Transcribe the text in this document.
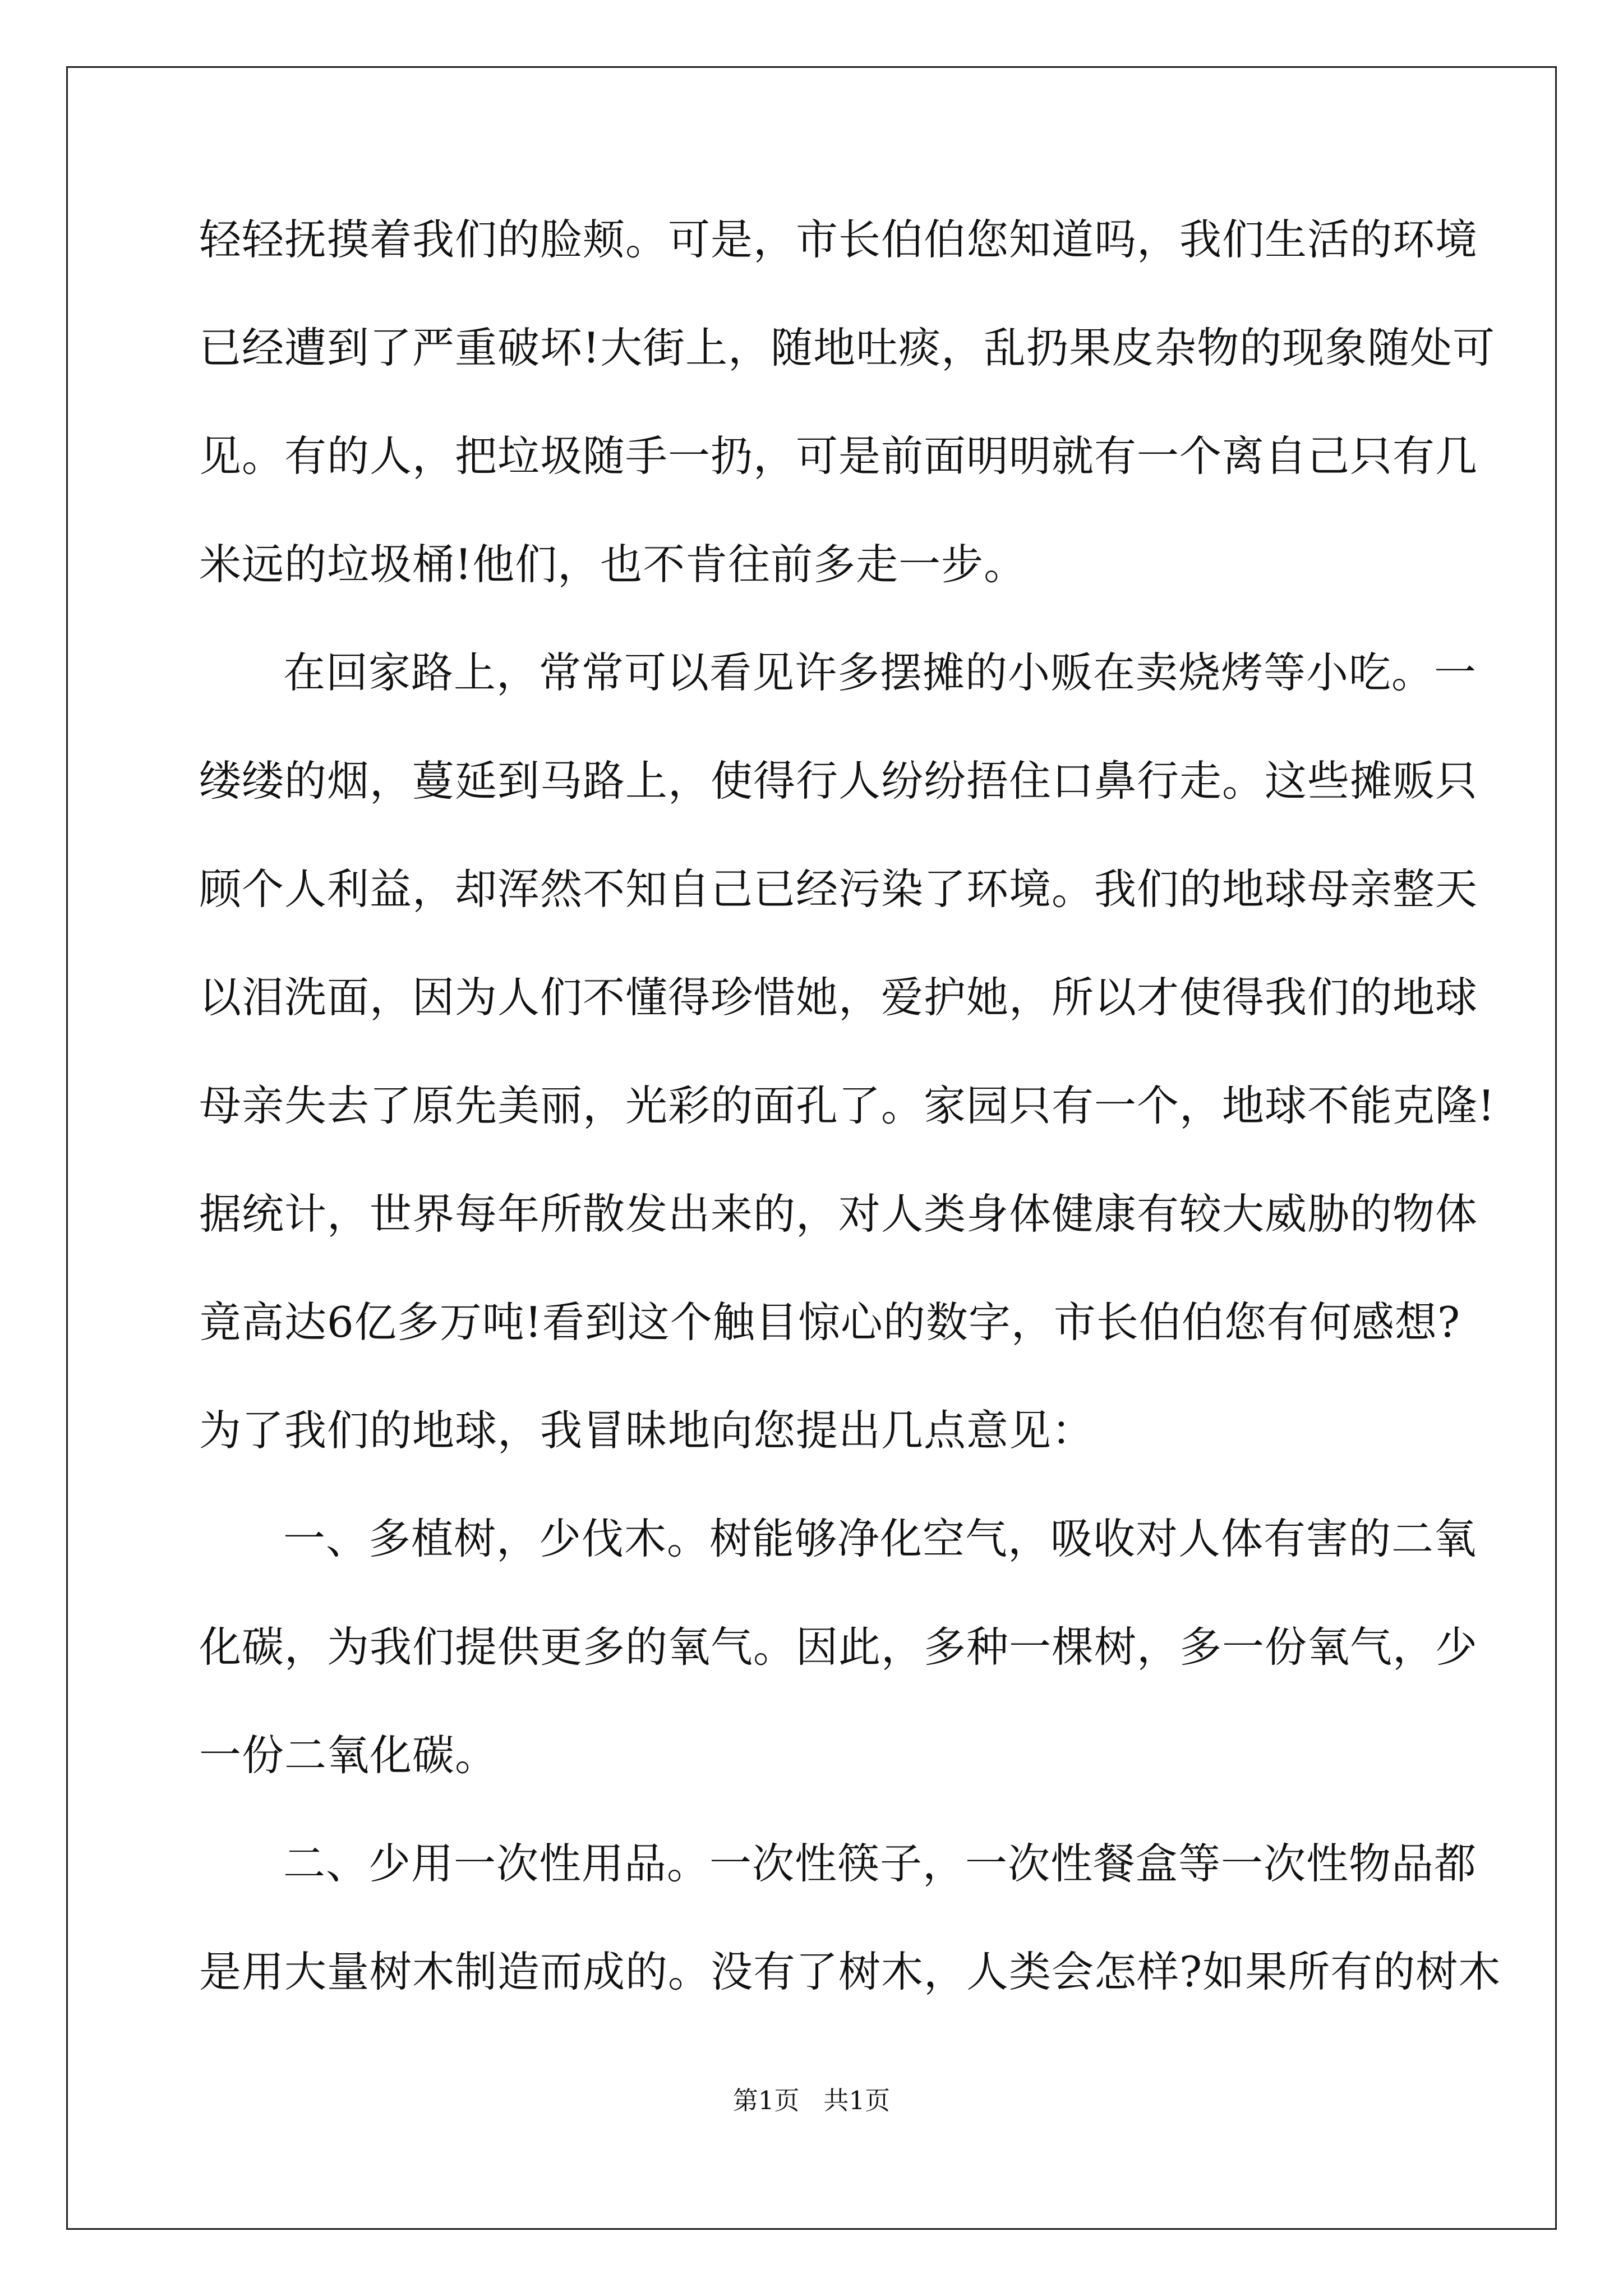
轻轻抚摸着我们的脸颊。可是，市长伯伯您知道吗，我们生活的环境
已经遭到了严重破坏!大街上，随地吐痰，乱扔果皮杂物的现象随处可
见。有的人，把垃圾随手一扔，可是前面明明就有一个离自己只有几
米远的垃圾桶!他们，也不肯往前多走一步。
在回家路上，常常可以看见许多摆摊的小贩在卖烧烤等小吃。一
缕缕的烟，蔓延到马路上，使得行人纷纷捂住口鼻行走。这些摊贩只
顾个人利益，却浑然不知自己已经污染了环境。我们的地球母亲整天
以泪洗面，因为人们不懂得珍惜她，爱护她，所以才使得我们的地球
母亲失去了原先美丽，光彩的面孔了。家园只有一个，地球不能克隆!
据统计，世界每年所散发出来的，对人类身体健康有较大威胁的物体
竟高达6亿多万吨!看到这个触目惊心的数字，市长伯伯您有何感想?
为了我们的地球，我冒昧地向您提出几点意见：
一、多植树，少伐木。树能够净化空气，吸收对人体有害的二氧
化碳，为我们提供更多的氧气。因此，多种一棵树，多一份氧气，少
一份二氧化碳。
二、少用一次性用品。一次性筷子，一次性餐盒等一次性物品都
是用大量树木制造而成的。没有了树木，人类会怎样?如果所有的树木
第1页   共1页
